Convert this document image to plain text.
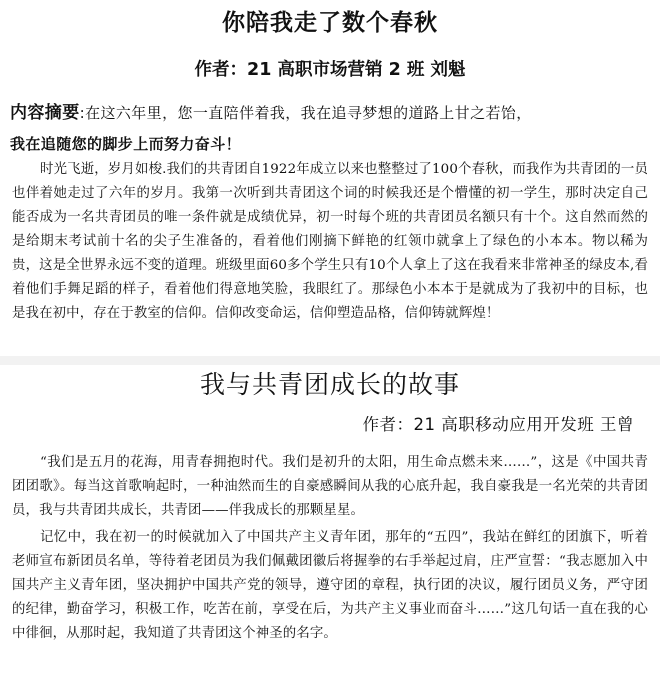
你陪我走了数个春秋
作者：21 高职市场营销 2 班 刘魁

内容摘要:在这六年里，您一直陪伴着我，我在追寻梦想的道路上甘之若饴，
我在追随您的脚步上而努力奋斗！

时光飞逝，岁月如梭.我们的共青团自1922年成立以来也整整过了100个春秋，而我作为共青团的一员也伴着她走过了六年的岁月。我第一次听到共青团这个词的时候我还是个懵懂的初一学生，那时决定自己能否成为一名共青团员的唯一条件就是成绩优异，初一时每个班的共青团员名额只有十个。这自然而然的是给期末考试前十名的尖子生准备的，看着他们刚摘下鲜艳的红领巾就拿上了绿色的小本本。物以稀为贵，这是全世界永远不变的道理。班级里面60多个学生只有10个人拿上了这在我看来非常神圣的绿皮本,看着他们手舞足蹈的样子，看着他们得意地笑脸，我眼红了。那绿色小本本于是就成为了我初中的目标，也是我在初中，存在于教室的信仰。信仰改变命运，信仰塑造品格，信仰铸就辉煌！

我与共青团成长的故事
作者：21 高职移动应用开发班 王曾

“我们是五月的花海，用青春拥抱时代。我们是初升的太阳，用生命点燃未来……”，这是《中国共青团团歌》。每当这首歌响起时，一种油然而生的自豪感瞬间从我的心底升起，我自豪我是一名光荣的共青团员，我与共青团共成长，共青团——伴我成长的那颗星星。

记忆中，我在初一的时候就加入了中国共产主义青年团，那年的“五四”，我站在鲜红的团旗下，听着老师宣布新团员名单，等待着老团员为我们佩戴团徽后将握拳的右手举起过肩，庄严宣誓：“我志愿加入中国共产主义青年团，坚决拥护中国共产党的领导，遵守团的章程，执行团的决议，履行团员义务，严守团的纪律，勤奋学习，积极工作，吃苦在前，享受在后，为共产主义事业而奋斗……”这几句话一直在我的心中徘徊，从那时起，我知道了共青团这个神圣的名字。
